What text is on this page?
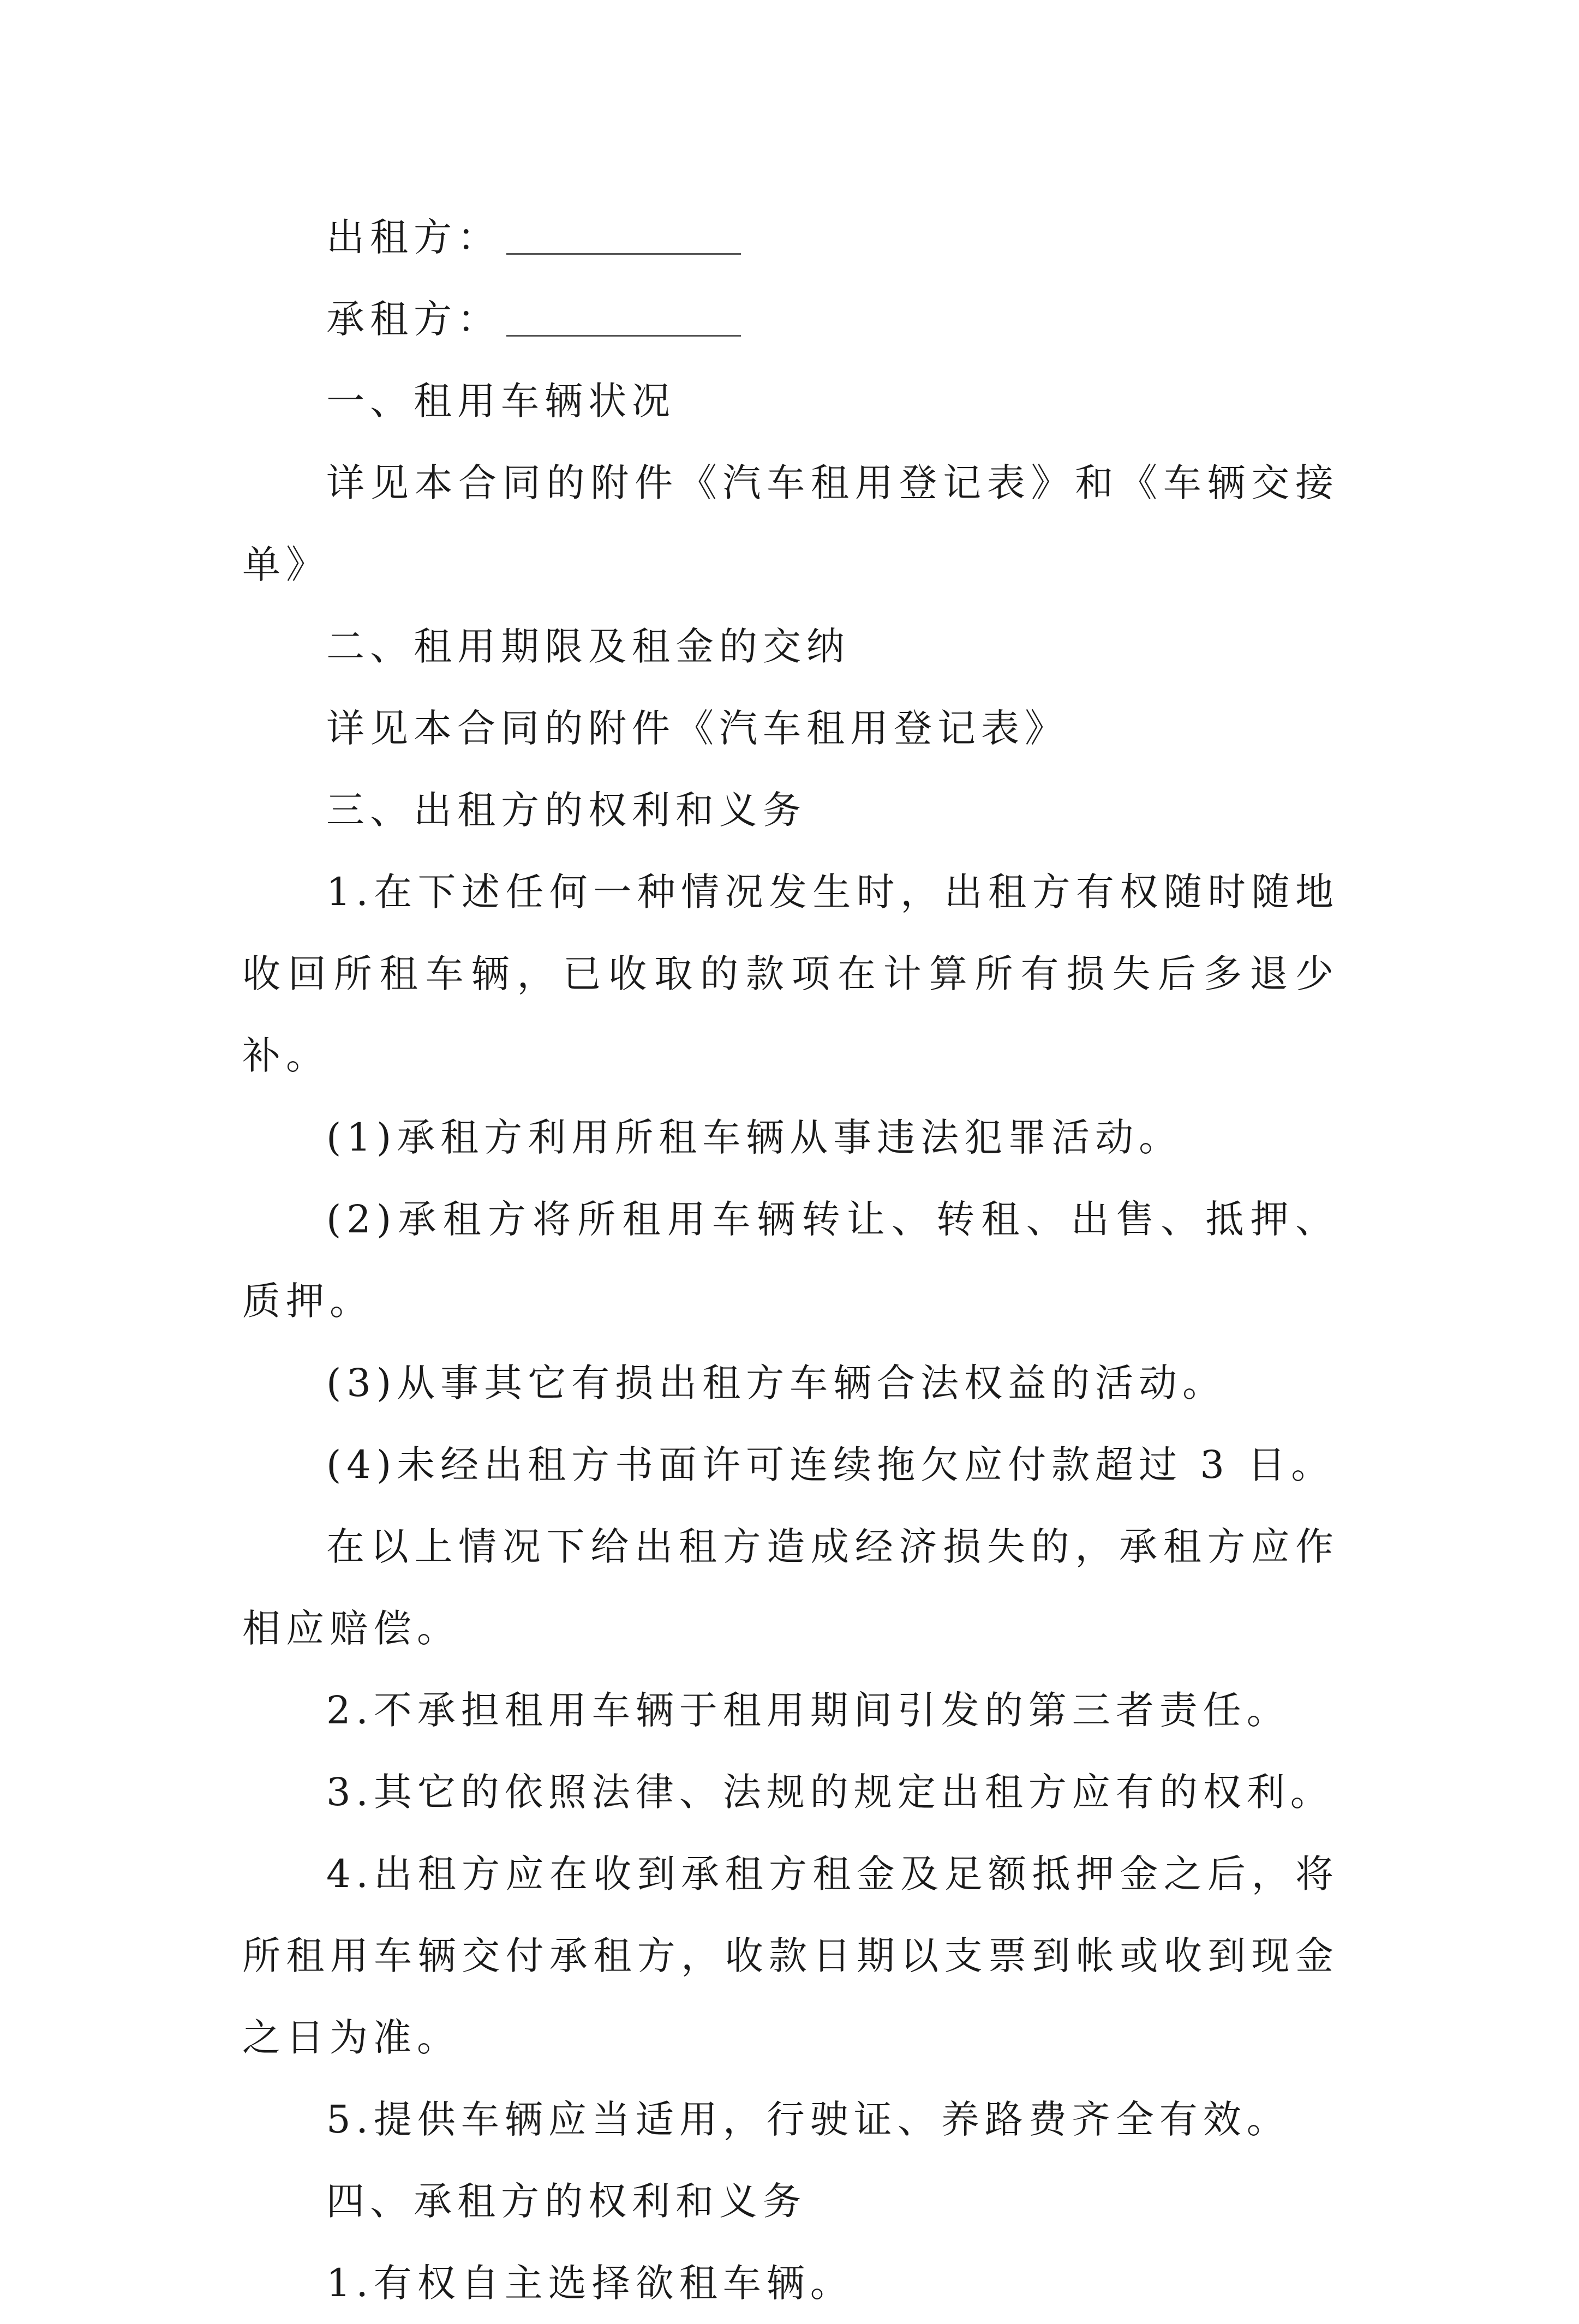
出租方：

承租方：

一、租用车辆状况

详见本合同的附件《汽车租用登记表》和《车辆交接单》

二、租用期限及租金的交纳

详见本合同的附件《汽车租用登记表》

三、出租方的权利和义务

1.在下述任何一种情况发生时，出租方有权随时随地收回所租车辆，已收取的款项在计算所有损失后多退少补。

(1)承租方利用所租车辆从事违法犯罪活动。

(2)承租方将所租用车辆转让、转租、出售、抵押、质押。

(3)从事其它有损出租方车辆合法权益的活动。

(4)未经出租方书面许可连续拖欠应付款超过 3 日。

在以上情况下给出租方造成经济损失的，承租方应作相应赔偿。

2.不承担租用车辆于租用期间引发的第三者责任。

3.其它的依照法律、法规的规定出租方应有的权利。

4.出租方应在收到承租方租金及足额抵押金之后，将所租用车辆交付承租方，收款日期以支票到帐或收到现金之日为准。

5.提供车辆应当适用，行驶证、养路费齐全有效。

四、承租方的权利和义务

1.有权自主选择欲租车辆。
